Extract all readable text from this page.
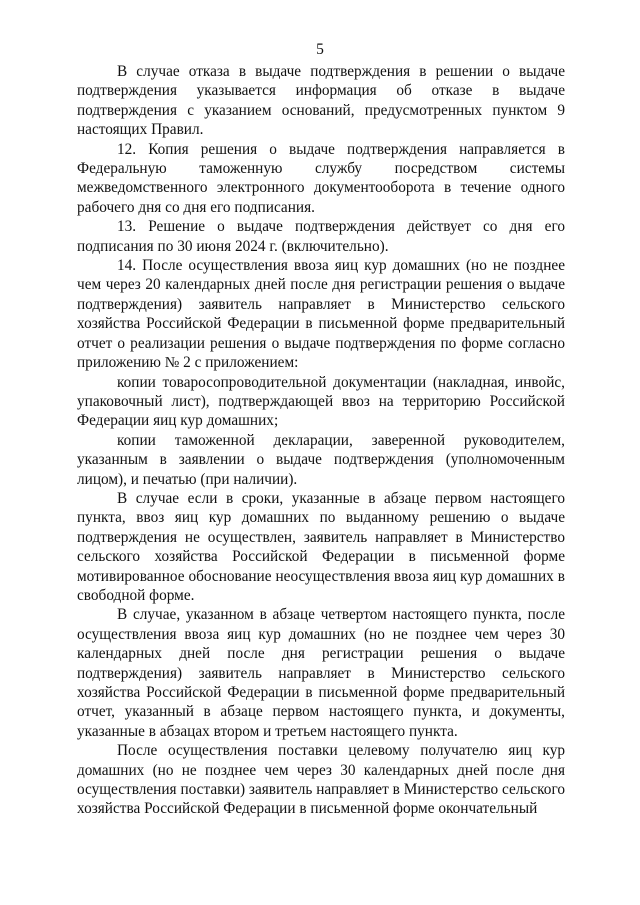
5

В случае отказа в выдаче подтверждения в решении о выдаче подтверждения указывается информация об отказе в выдаче подтверждения с указанием оснований, предусмотренных пунктом 9 настоящих Правил.

12. Копия решения о выдаче подтверждения направляется в Федеральную таможенную службу посредством системы межведомственного электронного документооборота в течение одного рабочего дня со дня его подписания.

13. Решение о выдаче подтверждения действует со дня его подписания по 30 июня 2024 г. (включительно).

14. После осуществления ввоза яиц кур домашних (но не позднее чем через 20 календарных дней после дня регистрации решения о выдаче подтверждения) заявитель направляет в Министерство сельского хозяйства Российской Федерации в письменной форме предварительный отчет о реализации решения о выдаче подтверждения по форме согласно приложению № 2 с приложением:

копии товаросопроводительной документации (накладная, инвойс, упаковочный лист), подтверждающей ввоз на территорию Российской Федерации яиц кур домашних;

копии таможенной декларации, заверенной руководителем, указанным в заявлении о выдаче подтверждения (уполномоченным лицом), и печатью (при наличии).

В случае если в сроки, указанные в абзаце первом настоящего пункта, ввоз яиц кур домашних по выданному решению о выдаче подтверждения не осуществлен, заявитель направляет в Министерство сельского хозяйства Российской Федерации в письменной форме мотивированное обоснование неосуществления ввоза яиц кур домашних в свободной форме.

В случае, указанном в абзаце четвертом настоящего пункта, после осуществления ввоза яиц кур домашних (но не позднее чем через 30 календарных дней после дня регистрации решения о выдаче подтверждения) заявитель направляет в Министерство сельского хозяйства Российской Федерации в письменной форме предварительный отчет, указанный в абзаце первом настоящего пункта, и документы, указанные в абзацах втором и третьем настоящего пункта.

После осуществления поставки целевому получателю яиц кур домашних (но не позднее чем через 30 календарных дней после дня осуществления поставки) заявитель направляет в Министерство сельского хозяйства Российской Федерации в письменной форме окончательный
